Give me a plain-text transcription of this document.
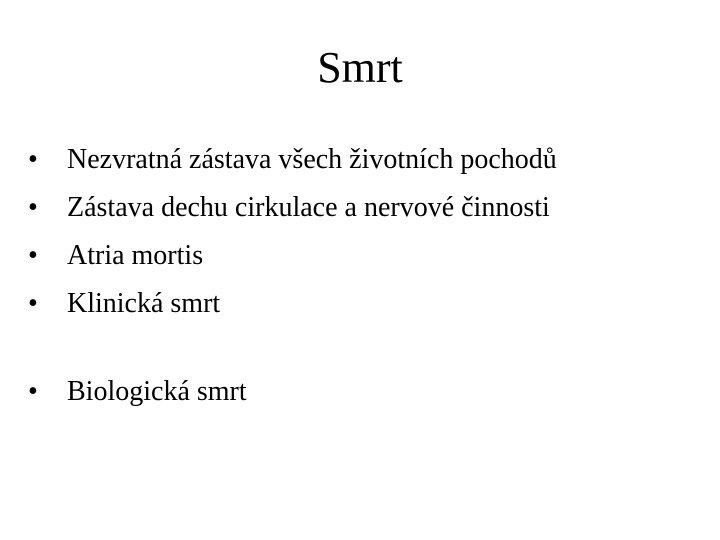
Smrt
•	Nezvratná zástava všech životních pochodů
•	Zástava dechu cirkulace a nervové činnosti
•	Atria mortis
•	Klinická smrt
•	Biologická smrt
